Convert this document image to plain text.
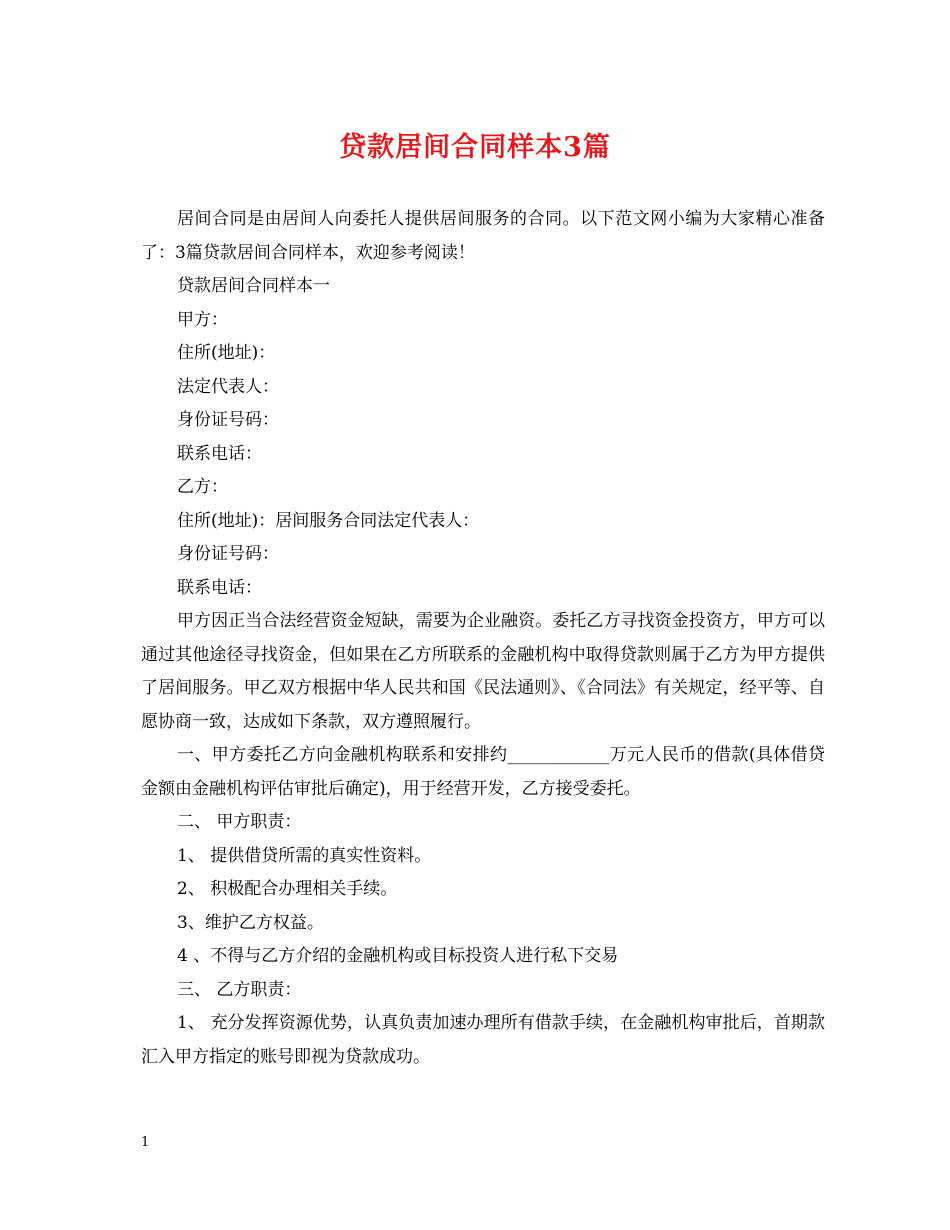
贷款居间合同样本3篇

居间合同是由居间人向委托人提供居间服务的合同。以下范文网小编为大家精心准备了：3篇贷款居间合同样本，欢迎参考阅读！

贷款居间合同样本一

甲方：

住所(地址)：

法定代表人：

身份证号码：

联系电话：

乙方：

住所(地址)：居间服务合同法定代表人：

身份证号码：

联系电话：

甲方因正当合法经营资金短缺，需要为企业融资。委托乙方寻找资金投资方，甲方可以通过其他途径寻找资金，但如果在乙方所联系的金融机构中取得贷款则属于乙方为甲方提供了居间服务。甲乙双方根据中华人民共和国《民法通则》、《合同法》有关规定，经平等、自愿协商一致，达成如下条款，双方遵照履行。

一、甲方委托乙方向金融机构联系和安排约____________万元人民币的借款(具体借贷金额由金融机构评估审批后确定)，用于经营开发，乙方接受委托。

二、 甲方职责：

1、 提供借贷所需的真实性资料。

2、 积极配合办理相关手续。

3、维护乙方权益。

4 、不得与乙方介绍的金融机构或目标投资人进行私下交易

三、 乙方职责：

1、 充分发挥资源优势，认真负责加速办理所有借款手续，在金融机构审批后，首期款汇入甲方指定的账号即视为贷款成功。

1
